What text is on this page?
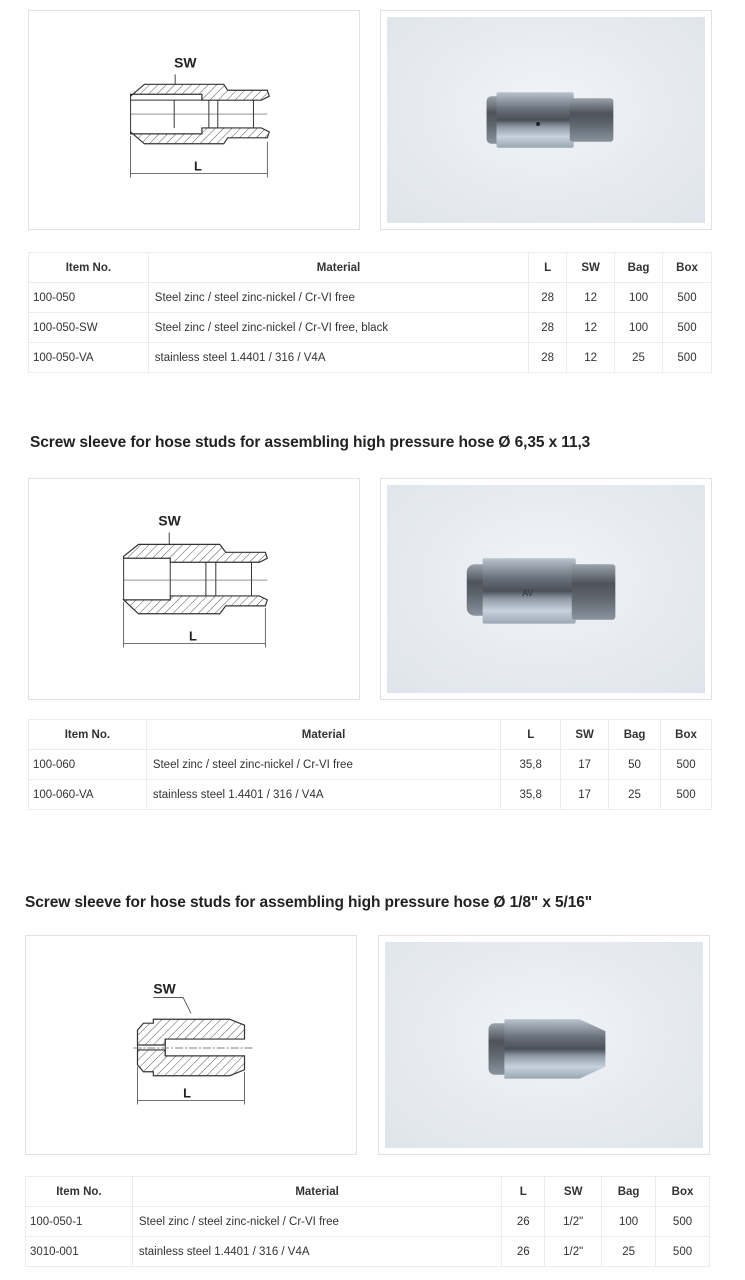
SW
L
Item No.	Material	L	SW	Bag	Box
100-050	Steel zinc / steel zinc-nickel / Cr-VI free	28	12	100	500
100-050-SW	Steel zinc / steel zinc-nickel / Cr-VI free, black	28	12	100	500
100-050-VA	stainless steel 1.4401 / 316 / V4A	28	12	25	500
Screw sleeve for hose studs for assembling high pressure hose Ø 6,35 x 11,3
SW
L
AV
Item No.	Material	L	SW	Bag	Box
100-060	Steel zinc / steel zinc-nickel / Cr-VI free	35,8	17	50	500
100-060-VA	stainless steel 1.4401 / 316 / V4A	35,8	17	25	500
Screw sleeve for hose studs for assembling high pressure hose Ø 1/8" x 5/16"
SW
L
Item No.	Material	L	SW	Bag	Box
100-050-1	Steel zinc / steel zinc-nickel / Cr-VI free	26	1/2"	100	500
3010-001	stainless steel 1.4401 / 316 / V4A	26	1/2"	25	500
